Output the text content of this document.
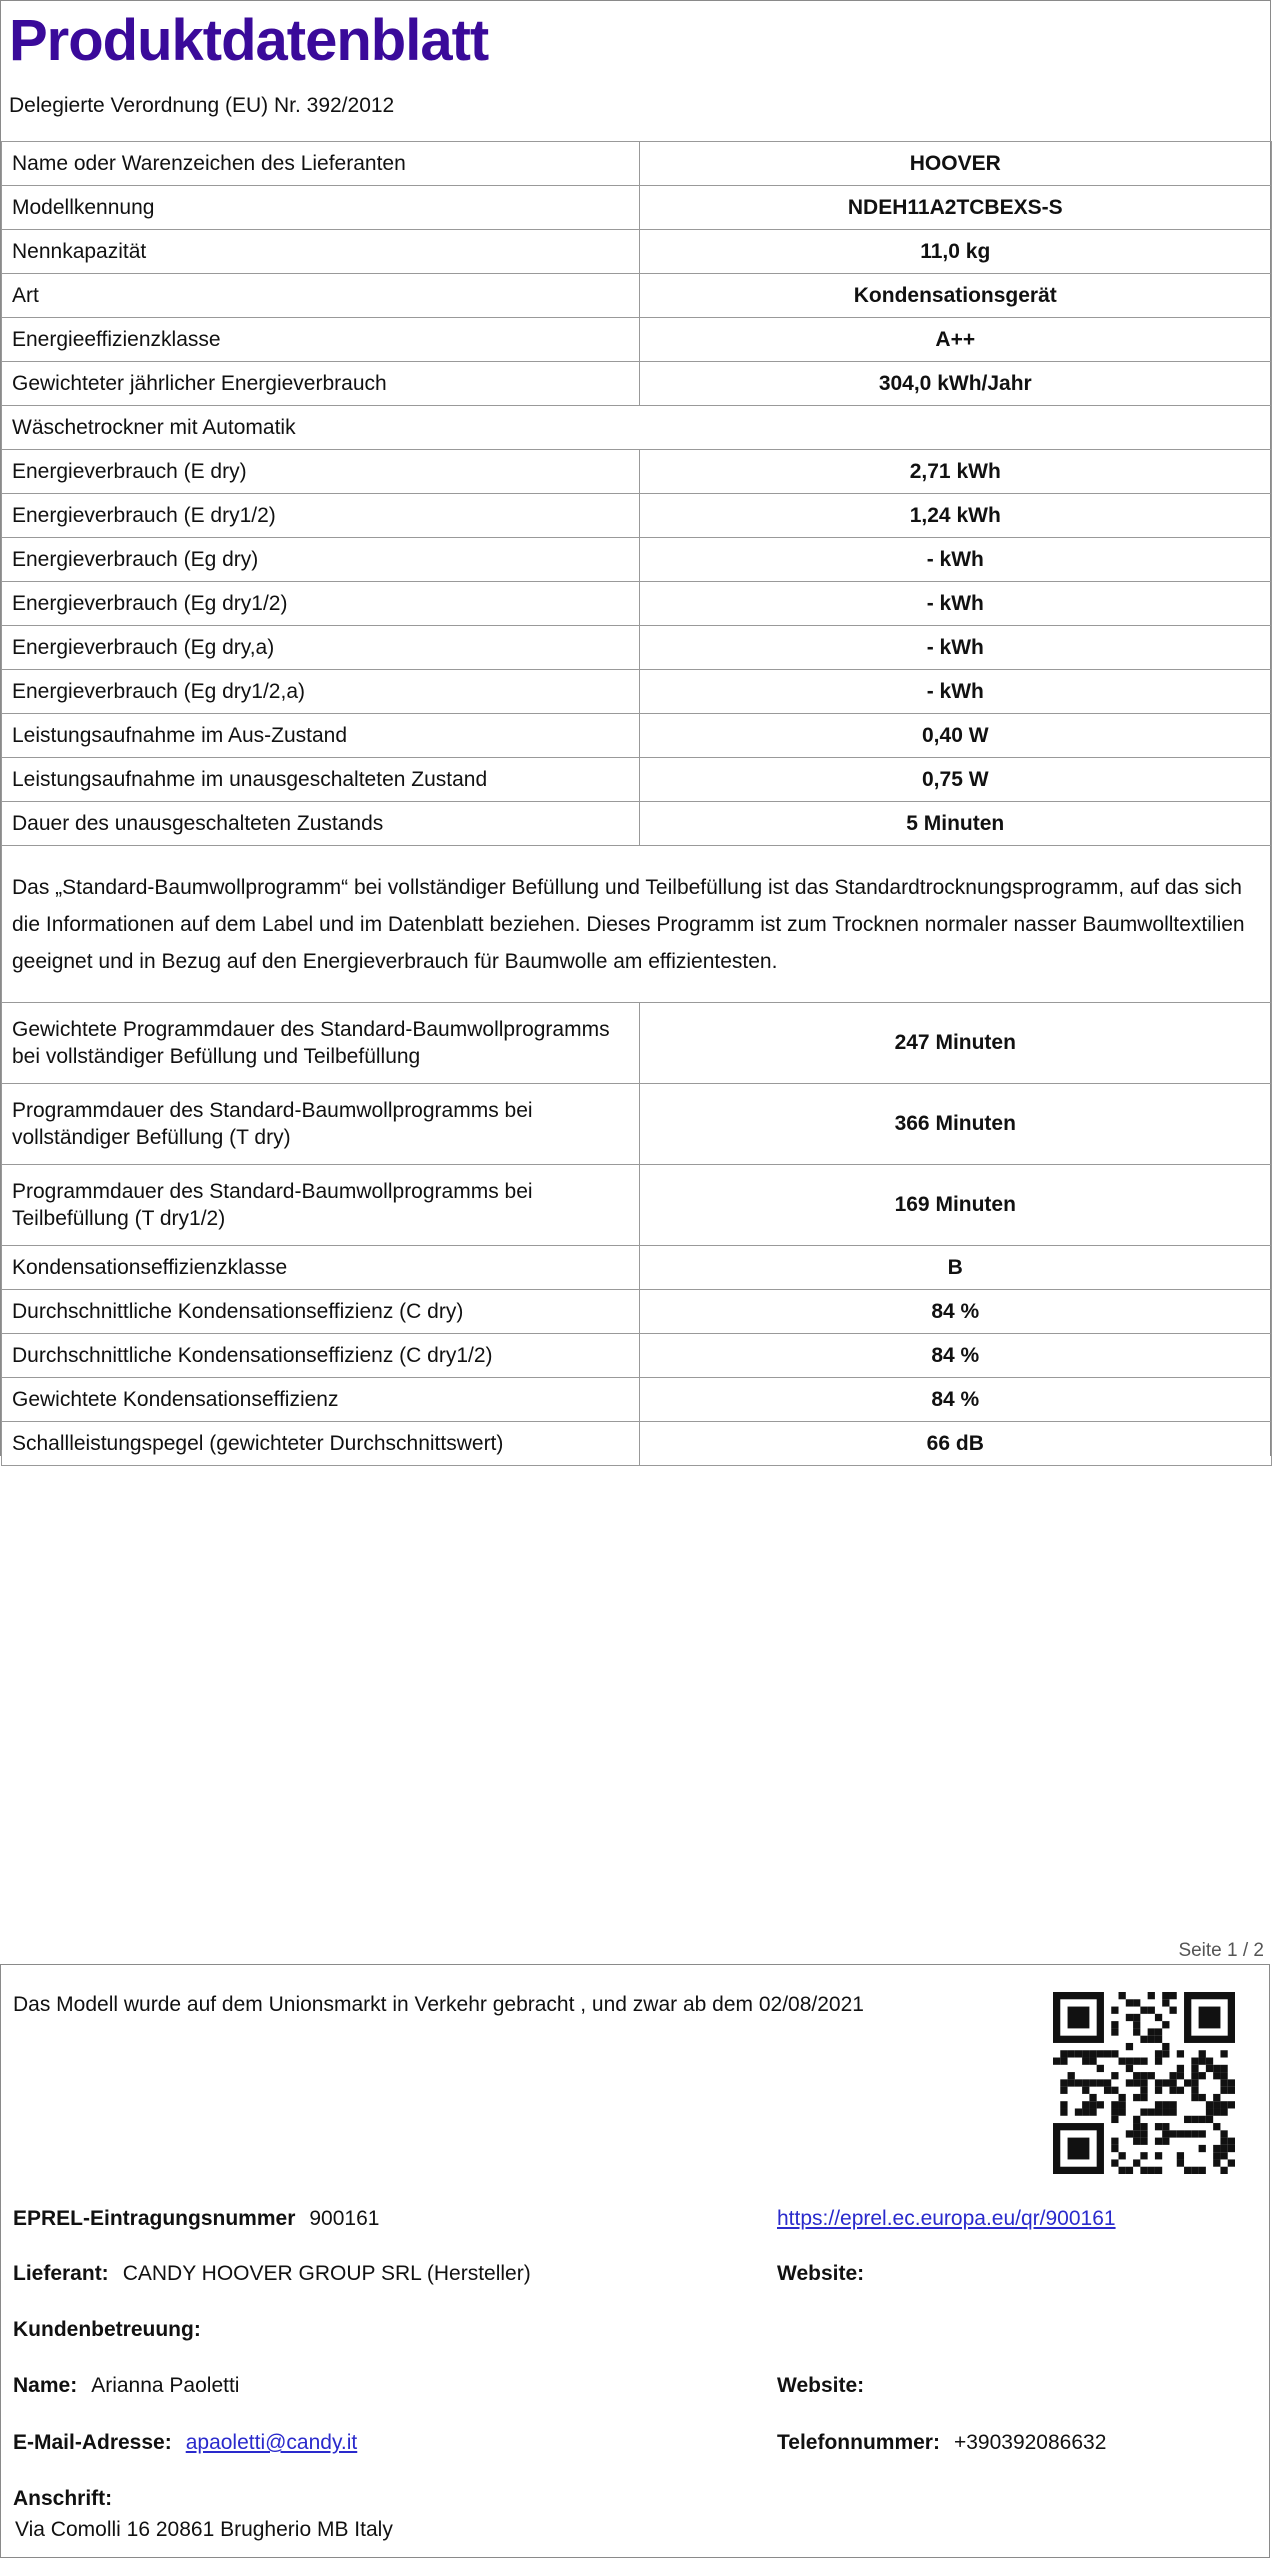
Produktdatenblatt
Delegierte Verordnung (EU) Nr. 392/2012
Name oder Warenzeichen des Lieferanten	HOOVER
Modellkennung	NDEH11A2TCBEXS-S
Nennkapazität	11,0 kg
Art	Kondensationsgerät
Energieeffizienzklasse	A++
Gewichteter jährlicher Energieverbrauch	304,0 kWh/Jahr
Wäschetrockner mit Automatik	
Energieverbrauch (E dry)	2,71 kWh
Energieverbrauch (E dry1/2)	1,24 kWh
Energieverbrauch (Eg dry)	- kWh
Energieverbrauch (Eg dry1/2)	- kWh
Energieverbrauch (Eg dry,a)	- kWh
Energieverbrauch (Eg dry1/2,a)	- kWh
Leistungsaufnahme im Aus-Zustand	0,40 W
Leistungsaufnahme im unausgeschalteten Zustand	0,75 W
Dauer des unausgeschalteten Zustands	5 Minuten
Das „Standard-Baumwollprogramm“ bei vollständiger Befüllung und Teilbefüllung ist das Standardtrocknungsprogramm, auf das sich die Informationen auf dem Label und im Datenblatt beziehen. Dieses Programm ist zum Trocknen normaler nasser Baumwolltextilien geeignet und in Bezug auf den Energieverbrauch für Baumwolle am effizientesten.	
Gewichtete Programmdauer des Standard-Baumwollprogramms bei vollständiger Befüllung und Teilbefüllung	247 Minuten
Programmdauer des Standard-Baumwollprogramms bei vollständiger Befüllung (T dry)	366 Minuten
Programmdauer des Standard-Baumwollprogramms bei Teilbefüllung (T dry1/2)	169 Minuten
Kondensationseffizienzklasse	B
Durchschnittliche Kondensationseffizienz (C dry)	84 %
Durchschnittliche Kondensationseffizienz (C dry1/2)	84 %
Gewichtete Kondensationseffizienz	84 %
Schallleistungspegel (gewichteter Durchschnittswert)	66 dB
Seite 1 / 2
Das Modell wurde auf dem Unionsmarkt in Verkehr gebracht , und zwar ab dem 02/08/2021
EPREL-Eintragungsnummer 900161	https://eprel.ec.europa.eu/qr/900161
Lieferant: CANDY HOOVER GROUP SRL (Hersteller)	Website:
Kundenbetreuung:
Name: Arianna Paoletti	Website:
E-Mail-Adresse: apaoletti@candy.it	Telefonnummer: +390392086632
Anschrift:
Via Comolli 16 20861 Brugherio MB Italy
